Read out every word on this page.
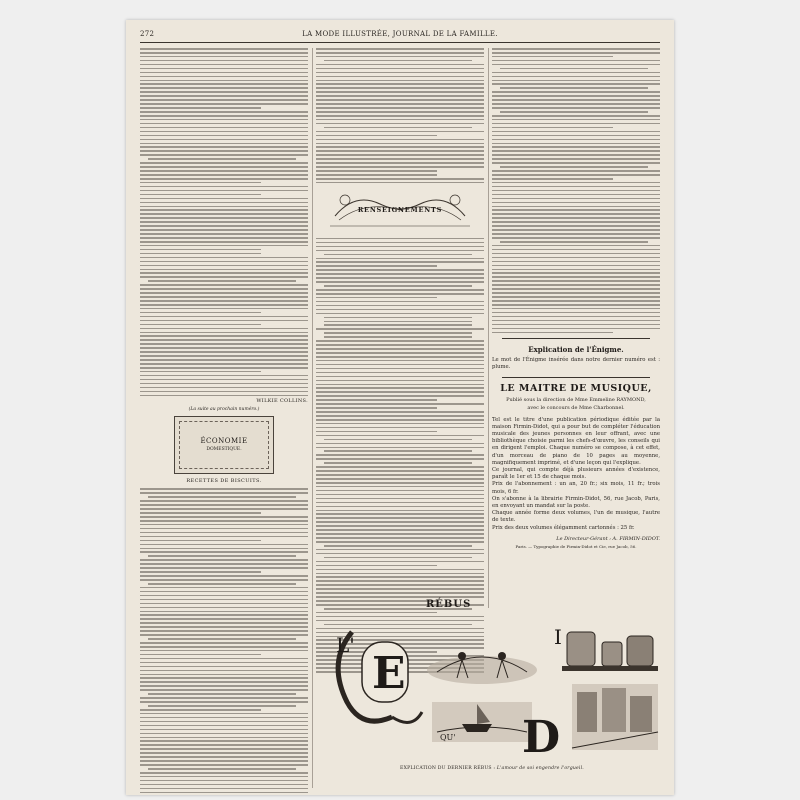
272	LA MODE ILLUSTRÉE, JOURNAL DE LA FAMILLE.
WILKIE COLLINS.
(La suite au prochain numéro.)
ÉCONOMIE
DOMESTIQUE.
RECETTES DE BISCUITS.
RENSEIGNEMENTS
Explication de l'Énigme.
Le mot de l'Énigme insérée dans notre dernier numéro est : plume.
LE MAITRE DE MUSIQUE,
Publié sous la direction de Mme Emmeline RAYMOND,
avec le concours de Mme Charbonnel.
Tel est le titre d'une publication périodique éditée par la maison Firmin-Didot, qui a pour but de compléter l'éducation musicale des jeunes personnes en leur offrant, avec une bibliothèque choisie parmi les chefs-d'œuvre, les conseils qui en dirigent l'emploi. Chaque numéro se compose, à cet effet, d'un morceau de piano de 10 pages au moyenne, magnifiquement imprimé, et d'une leçon qui l'explique.
Ce journal, qui compte déjà plusieurs années d'existence, paraît le 1er et 15 de chaque mois.
Prix de l'abonnement : un an, 20 fr.; six mois, 11 fr.; trois mois, 6 fr.
On s'abonne à la librairie Firmin-Didot, 56, rue Jacob, Paris, en envoyant un mandat sur la poste.
Chaque année forme deux volumes, l'un de musique, l'autre de texte.
Prix des deux volumes élégamment cartonnés : 25 fr.
Le Directeur-Gérant : A. FIRMIN-DIDOT.
Paris. — Typographie de Firmin-Didot et Cie, rue Jacob, 56.
RÉBUS
E
L'
QU' D
I
EXPLICATION DU DERNIER RÉBUS : L'amour de soi engendre l'orgueil.
